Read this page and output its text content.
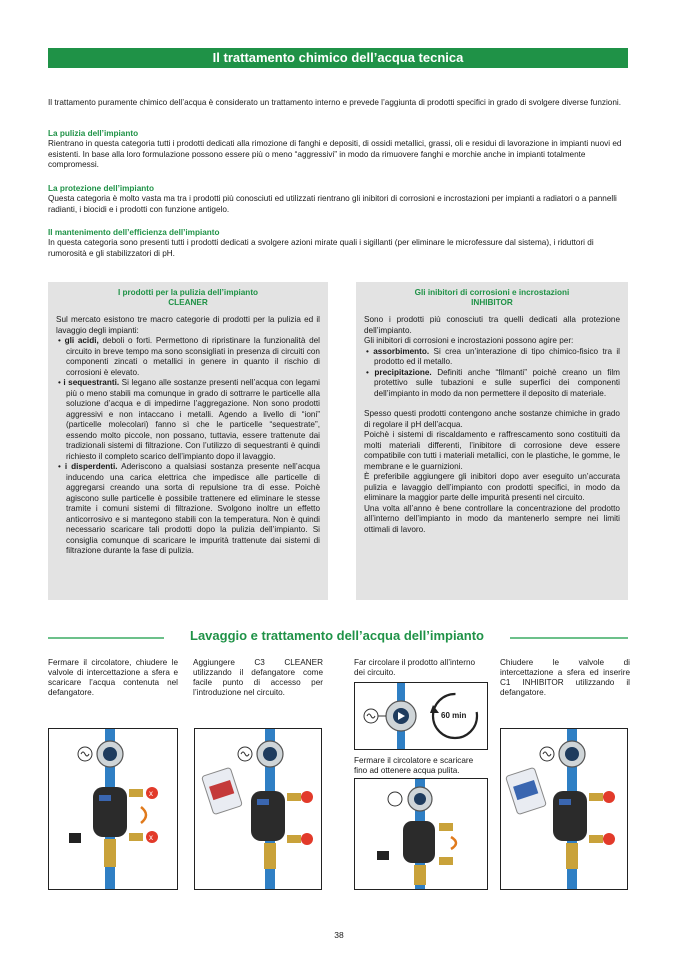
Il trattamento chimico dell’acqua tecnica
Il trattamento puramente chimico dell’acqua è considerato un trattamento interno e prevede l’aggiunta di prodotti specifici in grado di svolgere diverse funzioni.
La pulizia dell’impianto
Rientrano in questa categoria tutti i prodotti dedicati alla rimozione di fanghi e depositi, di ossidi metallici, grassi, oli e residui di lavorazione in impianti nuovi ed esistenti. In base alla loro formulazione possono essere più o meno “aggressivi” in modo da rimuovere fanghi e morchie anche in impianti totalmente compromessi.
La protezione dell’impianto
Questa categoria è molto vasta ma tra i prodotti più conosciuti ed utilizzati rientrano gli inibitori di corrosioni e incrostazioni per impianti a radiatori o a pannelli radianti, i biocidi e i prodotti con funzione antigelo.
Il mantenimento dell’efficienza dell’impianto
In questa categoria sono presenti tutti i prodotti dedicati a svolgere azioni mirate quali i sigillanti (per eliminare le microfessure dal sistema), i riduttori di rumorosità e gli stabilizzatori di pH.
I prodotti per la pulizia dell’impianto
CLEANER

Sul mercato esistono tre macro categorie di prodotti per la pulizia ed il lavaggio degli impianti:

• gli acidi, deboli o forti. Permettono di ripristinare la funzionalità del circuito in breve tempo ma sono sconsigliati in presenza di circuiti con componenti zincati o metallici in genere in quanto il rischio di corrosioni è elevato.

• i sequestranti. Si legano alle sostanze presenti nell’acqua con legami più o meno stabili ma comunque in grado di sottrarre le particelle alla soluzione d’acqua e di impedirne l’aggregazione. Non sono prodotti aggressivi e non intaccano i metalli. Agendo a livello di “ioni” (particelle molecolari) fanno sì che le particelle “sequestrate”, essendo molto piccole, non possano, tuttavia, essere trattenute dai tradizionali sistemi di filtrazione. Con l’utilizzo di sequestranti è quindi richiesto il completo scarico dell’impianto dopo il lavaggio.

• i disperdenti. Aderiscono a qualsiasi sostanza presente nell’acqua inducendo una carica elettrica che impedisce alle particelle di aggregarsi creando una sorta di repulsione tra di esse. Poichè agiscono sulle particelle è possibile trattenere ed eliminare le stesse tramite i comuni sistemi di filtrazione. Svolgono inoltre un effetto anticorrosivo e si mantegono stabili con la temperatura. Non è quindi necessario scaricare tali prodotti dopo la pulizia dell’impianto. Si consiglia comunque di scaricare le impurità trattenute dai sistemi di filtrazione durante la fase di pulizia.

Gli inibitori di corrosioni e incrostazioni
INHIBITOR

Sono i prodotti più conosciuti tra quelli dedicati alla protezione dell’impianto.

Gli inibitori di corrosioni e incrostazioni possono agire per:

• assorbimento. Si crea un’interazione di tipo chimico-fisico tra il prodotto ed il metallo.

• precipitazione. Definiti anche “filmanti” poichè creano un film protettivo sulle tubazioni e sulle superfici dei componenti dell’impianto in modo da non permettere il deposito di materiale.

Spesso questi prodotti contengono anche sostanze chimiche in grado di regolare il pH dell’acqua.

Poichè i sistemi di riscaldamento e raffrescamento sono costituiti da molti materiali differenti, l’inibitore di corrosione deve essere compatibile con tutti i materiali metallici, con le plastiche, le gomme, le membrane e le guarnizioni.

È preferibile aggiungere gli inibitori dopo aver eseguito un’accurata pulizia e lavaggio dell’impianto con prodotti specifici, in modo da eliminare la maggior parte delle impurità presenti nel circuito.

Una volta all’anno è bene controllare la concentrazione del prodotto all’interno dell’impianto in modo da mantenerlo sempre nei limiti ottimali di lavoro.

Lavaggio e trattamento dell’acqua dell’impianto
Fermare il circolatore, chiudere le valvole di intercettazione a sfera e scaricare l’acqua contenuta nel defangatore.
Aggiungere C3 CLEANER utilizzando il defangatore come facile punto di accesso per l’introduzione nel circuito.
Far circolare il prodotto all’interno dei circuito.
Chiudere le valvole di intercettazione a sfera ed inserire C1 INHIBITOR utilizzando il defangatore.
Fermare il circolatore e scaricare fino ad ottenere acqua pulita.
60 min
x
x
38
